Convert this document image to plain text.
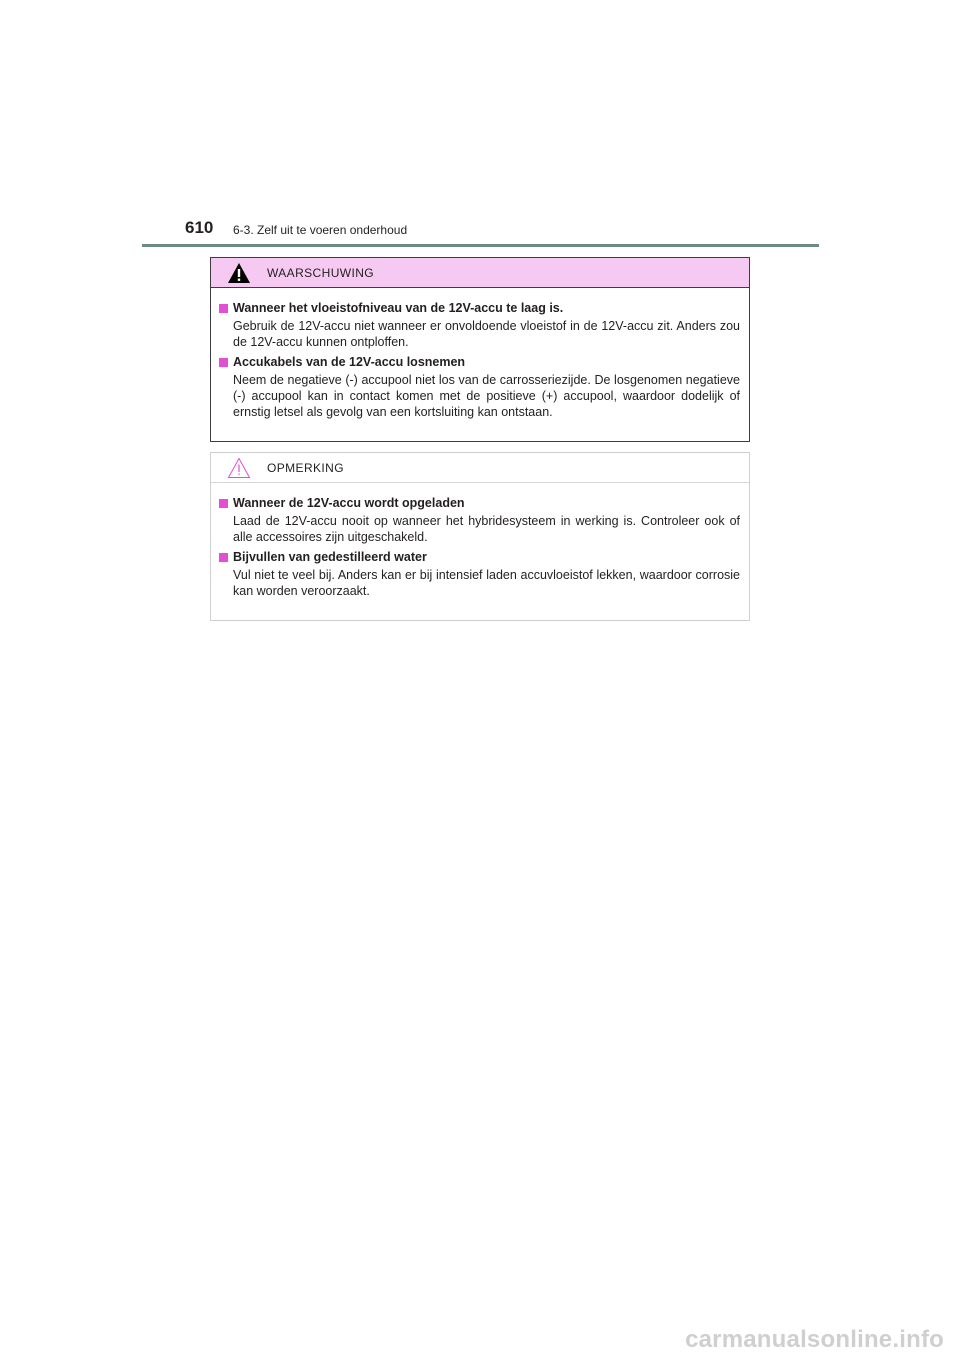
610 6-3. Zelf uit te voeren onderhoud
WAARSCHUWING
Wanneer het vloeistofniveau van de 12V-accu te laag is.
Gebruik de 12V-accu niet wanneer er onvoldoende vloeistof in de 12V-accu zit. Anders zou de 12V-accu kunnen ontploffen.
Accukabels van de 12V-accu losnemen
Neem de negatieve (-) accupool niet los van de carrosseriezijde. De losgenomen negatieve (-) accupool kan in contact komen met de positieve (+) accupool, waardoor dodelijk of ernstig letsel als gevolg van een kortsluiting kan ontstaan.
OPMERKING
Wanneer de 12V-accu wordt opgeladen
Laad de 12V-accu nooit op wanneer het hybridesysteem in werking is. Controleer ook of alle accessoires zijn uitgeschakeld.
Bijvullen van gedestilleerd water
Vul niet te veel bij. Anders kan er bij intensief laden accuvloeistof lekken, waardoor corrosie kan worden veroorzaakt.
carmanualsonline.info
